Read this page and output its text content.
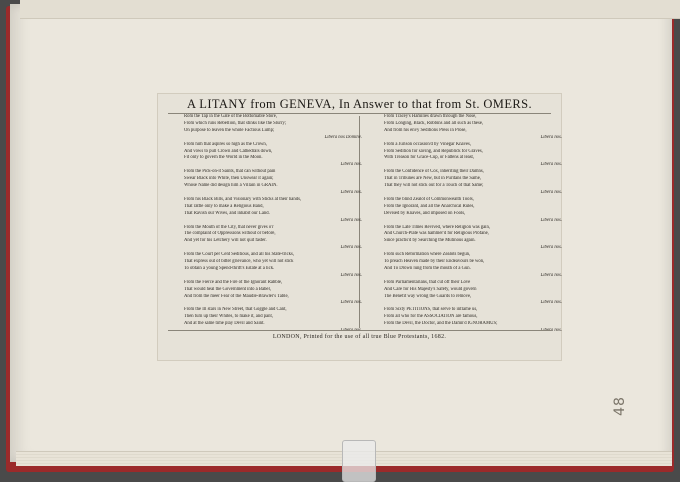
A LITANY from GENEVA, In Answer to that from St. OMERS.

Rom the Tap in the Gate of the Bottomable Store,

From which runs Rebellion, that stinks like the Slurry;

On purpose to leaven the whole Factious Lump;

Libera nos Domine.

From him that aspires so high as the Crown,

And vows to pull Crown and Cathedrals down,

Fit only to govern the World in the Moon.

Libera nos.

From the Pick-on-it Saints, that can without pain

Swear Black into White, then Unswear it again;

Whose Name did design him a Villain in GRAIN.

Libera nos.

From his Black Bills, and Visionary with Sticks at their hands,

That rattle only to make a Religious Band,

That Ravish our Wives, and inhabit our Land.

Libera nos.

From the Mouth of the City, that never gives o'r

The complaint of Oppressions without or before,

And yet for his Letchery will not quit faster.

Libera nos.

From the Court per Cent Seditious, and all his State-tricks,

That express out of bitter grievance, who yet will not stick

To obtain a young Spend-thrift's Estate at a lick.

Libera nos.

From the Fierce and the Fire of the Ignorant Rabble,

That would heal the Government into a Babel,

And from the meer Fear of the Maudle-Brawler's Table,

Libera nos.

From the Ill stars in New Street, that Goggle and Cant,

Then turn up their Whites, to make it, and pant,

And at the same time play Devil and Saint.

Libera nos.

From Tracey's Hamilies drawn through the Nose,

From Longing, Black, Robbins and all such as these,

And from his envy Seditions Press in Prose,

Libera nos.

From a Jurison occasion'd by Vinegar Knaves,

From Sedition for saving, and Republick for Graves,

With Treason for Grace-Cup, or Fattens at least,

Libera nos.

From the Confidence of Cox, inheriting their Damns,

That in Tribunes are New, but in Puritans the Same,

That they will not stick out for a Touch of that Same;

Libera nos.

From the blind Zealot of Commonwealth Tools,

From the Ignorant, and all the Anarchical Rules,

Devised by Knaves, and imposed on Fools,

Libera nos.

From the Late Times Revived, where Religion was gain,

And Church-Plate was hammer'd for Religious Profane,

Since practis'd by Searching the Mutinous again.

Libera nos.

From such Reformation where Zealots begun,

To preach Heaven made by their Endeavours be won,

And To Drown lung from the mouth of a Gun.

Libera nos.

From Parliamentarians, that cut off their Love

And Care for His Majesty's Safety, would govern

The Benefit way wrong the Guards to remove,

Libera nos.

From Sixty PETITIONS, that serve to inflame us,

From all who for the ASSOCIATION are famous,

From the Devil, the Doctor, and the Damn'd IGNORAMUS;

Libera nos.

LONDON, Printed for the use of all true Blue Protestants, 1682.
48
